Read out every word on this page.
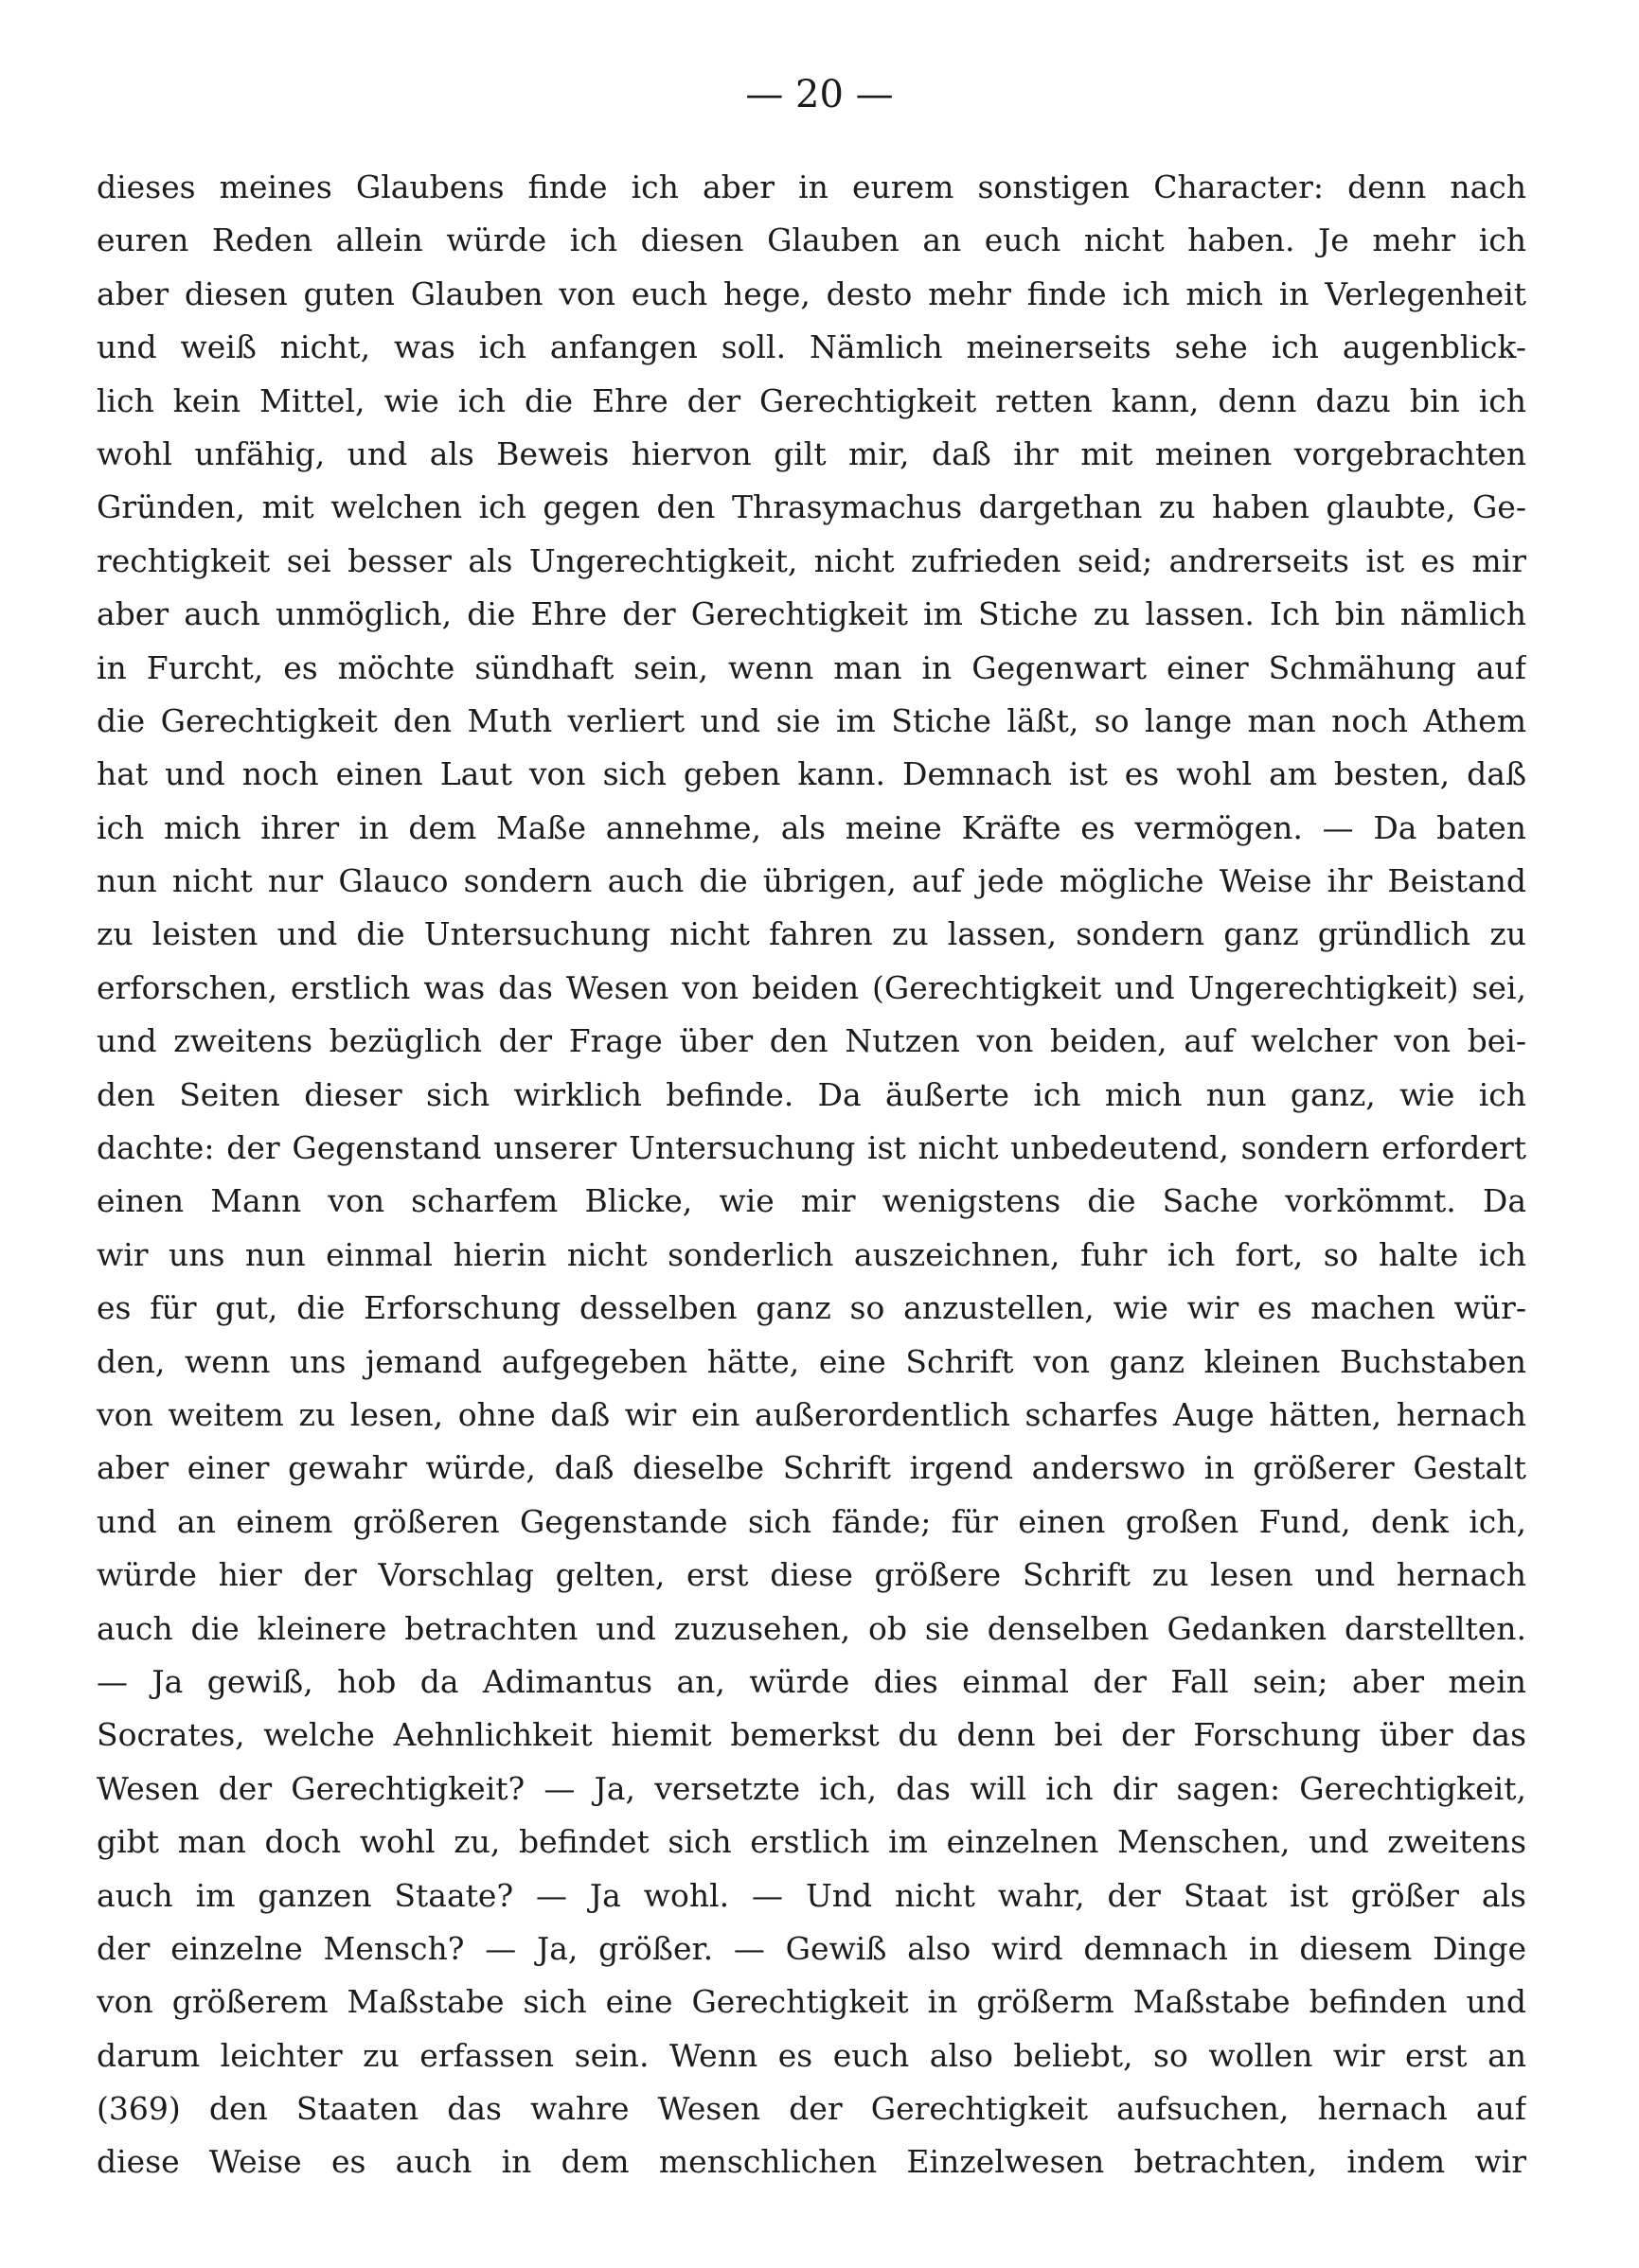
— 20 —
dieses meines Glaubens finde ich aber in eurem sonstigen Character: denn nach
euren Reden allein würde ich diesen Glauben an euch nicht haben. Je mehr ich
aber diesen guten Glauben von euch hege, desto mehr finde ich mich in Verlegenheit
und weiß nicht, was ich anfangen soll. Nämlich meinerseits sehe ich augenblick-
lich kein Mittel, wie ich die Ehre der Gerechtigkeit retten kann, denn dazu bin ich
wohl unfähig, und als Beweis hiervon gilt mir, daß ihr mit meinen vorgebrachten
Gründen, mit welchen ich gegen den Thrasymachus dargethan zu haben glaubte, Ge-
rechtigkeit sei besser als Ungerechtigkeit, nicht zufrieden seid; andrerseits ist es mir
aber auch unmöglich, die Ehre der Gerechtigkeit im Stiche zu lassen. Ich bin nämlich
in Furcht, es möchte sündhaft sein, wenn man in Gegenwart einer Schmähung auf
die Gerechtigkeit den Muth verliert und sie im Stiche läßt, so lange man noch Athem
hat und noch einen Laut von sich geben kann. Demnach ist es wohl am besten, daß
ich mich ihrer in dem Maße annehme, als meine Kräfte es vermögen. — Da baten
nun nicht nur Glauco sondern auch die übrigen, auf jede mögliche Weise ihr Beistand
zu leisten und die Untersuchung nicht fahren zu lassen, sondern ganz gründlich zu
erforschen, erstlich was das Wesen von beiden (Gerechtigkeit und Ungerechtigkeit) sei,
und zweitens bezüglich der Frage über den Nutzen von beiden, auf welcher von bei-
den Seiten dieser sich wirklich befinde. Da äußerte ich mich nun ganz, wie ich
dachte: der Gegenstand unserer Untersuchung ist nicht unbedeutend, sondern erfordert
einen Mann von scharfem Blicke, wie mir wenigstens die Sache vorkömmt. Da
wir uns nun einmal hierin nicht sonderlich auszeichnen, fuhr ich fort, so halte ich
es für gut, die Erforschung desselben ganz so anzustellen, wie wir es machen wür-
den, wenn uns jemand aufgegeben hätte, eine Schrift von ganz kleinen Buchstaben
von weitem zu lesen, ohne daß wir ein außerordentlich scharfes Auge hätten, hernach
aber einer gewahr würde, daß dieselbe Schrift irgend anderswo in größerer Gestalt
und an einem größeren Gegenstande sich fände; für einen großen Fund, denk ich,
würde hier der Vorschlag gelten, erst diese größere Schrift zu lesen und hernach
auch die kleinere betrachten und zuzusehen, ob sie denselben Gedanken darstellten.
— Ja gewiß, hob da Adimantus an, würde dies einmal der Fall sein; aber mein
Socrates, welche Aehnlichkeit hiemit bemerkst du denn bei der Forschung über das
Wesen der Gerechtigkeit? — Ja, versetzte ich, das will ich dir sagen: Gerechtigkeit,
gibt man doch wohl zu, befindet sich erstlich im einzelnen Menschen, und zweitens
auch im ganzen Staate? — Ja wohl. — Und nicht wahr, der Staat ist größer als
der einzelne Mensch? — Ja, größer. — Gewiß also wird demnach in diesem Dinge
von größerem Maßstabe sich eine Gerechtigkeit in größerm Maßstabe befinden und
darum leichter zu erfassen sein. Wenn es euch also beliebt, so wollen wir erst an
(369) den Staaten das wahre Wesen der Gerechtigkeit aufsuchen, hernach auf
diese Weise es auch in dem menschlichen Einzelwesen betrachten, indem wir
